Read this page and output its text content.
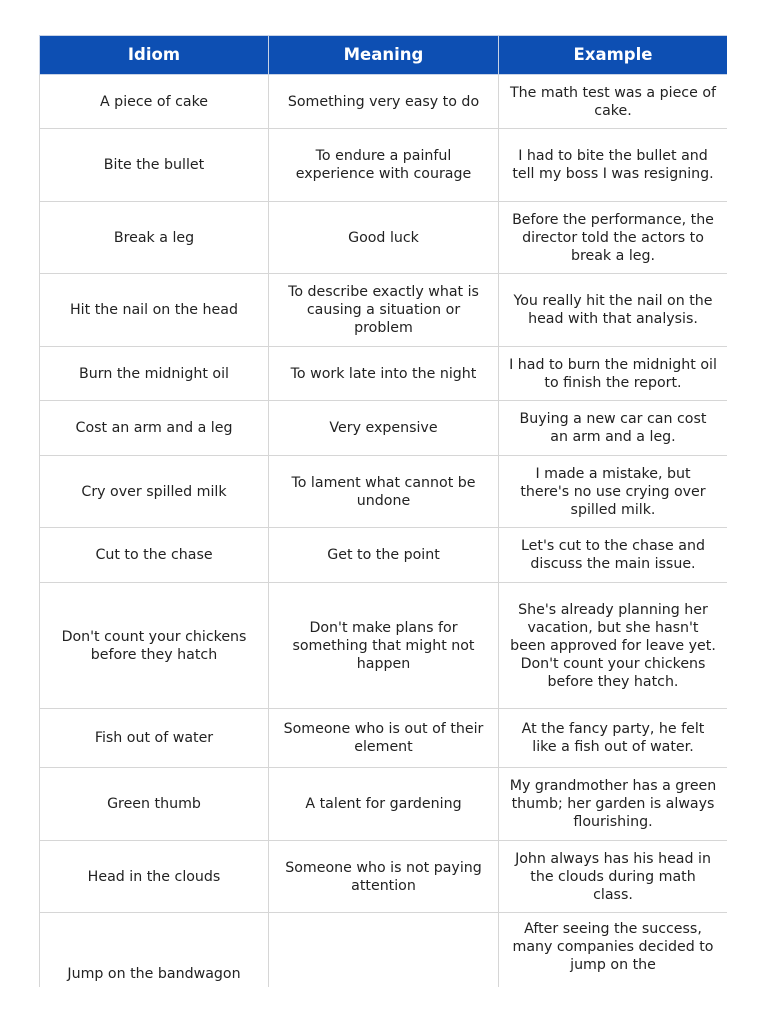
Idiom	Meaning	Example
A piece of cake	Something very easy to do	The math test was a piece of cake.
Bite the bullet	To endure a painful experience with courage	I had to bite the bullet and tell my boss I was resigning.
Break a leg	Good luck	Before the performance, the director told the actors to break a leg.
Hit the nail on the head	To describe exactly what is causing a situation or problem	You really hit the nail on the head with that analysis.
Burn the midnight oil	To work late into the night	I had to burn the midnight oil to finish the report.
Cost an arm and a leg	Very expensive	Buying a new car can cost an arm and a leg.
Cry over spilled milk	To lament what cannot be undone	I made a mistake, but there's no use crying over spilled milk.
Cut to the chase	Get to the point	Let's cut to the chase and discuss the main issue.
Don't count your chickens before they hatch	Don't make plans for something that might not happen	She's already planning her vacation, but she hasn't been approved for leave yet. Don't count your chickens before they hatch.
Fish out of water	Someone who is out of their element	At the fancy party, he felt like a fish out of water.
Green thumb	A talent for gardening	My grandmother has a green thumb; her garden is always flourishing.
Head in the clouds	Someone who is not paying attention	John always has his head in the clouds during math class.
Jump on the bandwagon		After seeing the success, many companies decided to jump on the
